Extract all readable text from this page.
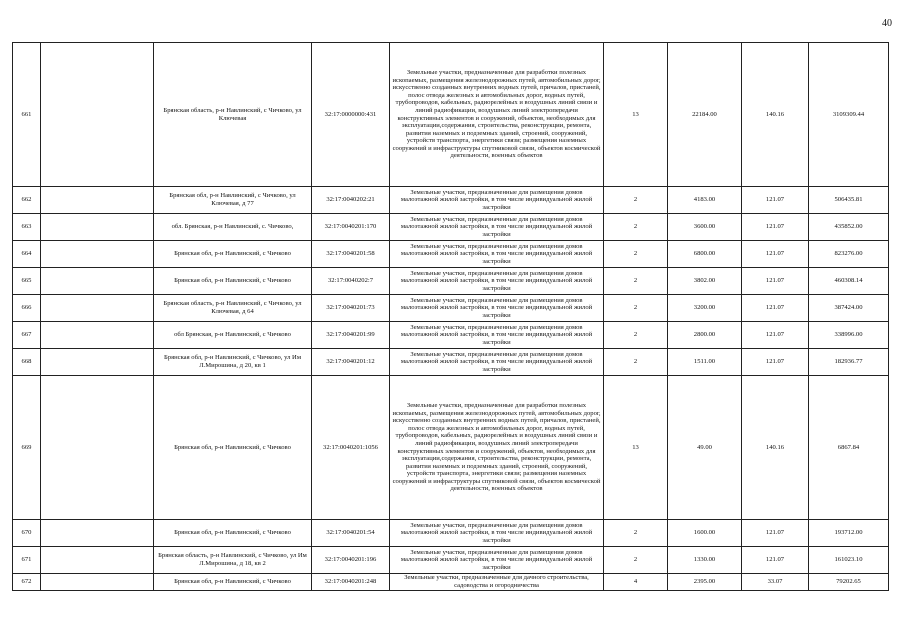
40
661		Брянская область, р-н Навлинский, с Чичково, ул Ключевая	32:17:0000000:431	Земельные участки, предназначенные для разработки полезных ископаемых, размещения железнодорожных путей, автомобильных дорог, искусственно созданных внутренних водных путей, причалов, пристаней, полос отвода железных и автомобильных дорог, водных путей, трубопроводов, кабельных, радиорелейных и воздушных линий связи и линий радиофикации, воздушных линий электропередачи конструктивных элементов и сооружений, объектов, необходимых для эксплуатации,содержания, строительства, реконструкции, ремонта, развития наземных и подземных зданий, строений, сооружений, устройств транспорта, энергетики связи; размещения наземных сооружений и инфраструктуры спутниковой связи, объектов космической деятельности, военных объектов	13	22184.00	140.16	3109309.44
662		Брянская обл, р-н Навлинский, с Чичково, ул Ключевая, д 77	32:17:0040202:21	Земельные участки, предназначенные для размещения домов малоэтажной жилой застройки, в том числе индивидуальной жилой застройки	2	4183.00	121.07	506435.81
663		обл. Брянская, р-н Навлинский, с. Чичково,	32:17:0040201:170	Земельные участки, предназначенные для размещения домов малоэтажной жилой застройки, в том числе индивидуальной жилой застройки	2	3600.00	121.07	435852.00
664		Брянская обл, р-н Навлинский, с Чичково	32:17:0040201:58	Земельные участки, предназначенные для размещения домов малоэтажной жилой застройки, в том числе индивидуальной жилой застройки	2	6800.00	121.07	823276.00
665		Брянская обл, р-н Навлинский, с Чичково	32:17:0040202:7	Земельные участки, предназначенные для размещения домов малоэтажной жилой застройки, в том числе индивидуальной жилой застройки	2	3802.00	121.07	460308.14
666		Брянская область, р-н Навлинский, с Чичково, ул Ключевая, д 64	32:17:0040201:73	Земельные участки, предназначенные для размещения домов малоэтажной жилой застройки, в том числе индивидуальной жилой застройки	2	3200.00	121.07	387424.00
667		обл Брянская, р-н Навлинский, с Чичково	32:17:0040201:99	Земельные участки, предназначенные для размещения домов малоэтажной жилой застройки, в том числе индивидуальной жилой застройки	2	2800.00	121.07	338996.00
668		Брянская обл, р-н Навлинский, с Чичково, ул Им Л.Мирошина, д 20, кв 1	32:17:0040201:12	Земельные участки, предназначенные для размещения домов малоэтажной жилой застройки, в том числе индивидуальной жилой застройки	2	1511.00	121.07	182936.77
669		Брянская обл, р-н Навлинский, с Чичково	32:17:0040201:1056	Земельные участки, предназначенные для разработки полезных ископаемых, размещения железнодорожных путей, автомобильных дорог, искусственно созданных внутренних водных путей, причалов, пристаней, полос отвода железных и автомобильных дорог, водных путей, трубопроводов, кабельных, радиорелейных и воздушных линий связи и линий радиофикации, воздушных линий электропередачи конструктивных элементов и сооружений, объектов, необходимых для эксплуатации,содержания, строительства, реконструкции, ремонта, развития наземных и подземных зданий, строений, сооружений, устройств транспорта, энергетики связи; размещения наземных сооружений и инфраструктуры спутниковой связи, объектов космической деятельности, военных объектов	13	49.00	140.16	6867.84
670		Брянская обл, р-н Навлинский, с Чичково	32:17:0040201:54	Земельные участки, предназначенные для размещения домов малоэтажной жилой застройки, в том числе индивидуальной жилой застройки	2	1600.00	121.07	193712.00
671		Брянская область, р-н Навлинский, с Чичково, ул Им Л.Мирошина, д 18, кв 2	32:17:0040201:196	Земельные участки, предназначенные для размещения домов малоэтажной жилой застройки, в том числе индивидуальной жилой застройки	2	1330.00	121.07	161023.10
672		Брянская обл, р-н Навлинский, с Чичково	32:17:0040201:248	Земельные участки, предназначенные для дачного строительства, садоводства и огородничества	4	2395.00	33.07	79202.65
